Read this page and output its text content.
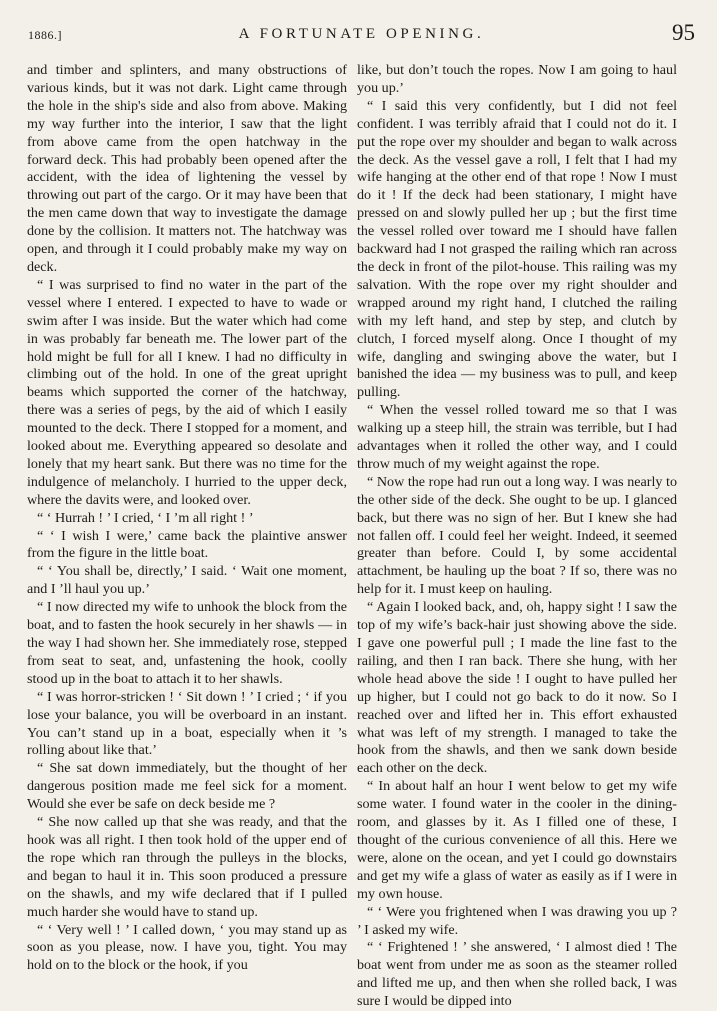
1886.]	A FORTUNATE OPENING.	95

and timber and splinters, and many obstructions of various kinds, but it was not dark. Light came through the hole in the ship's side and also from above. Making my way further into the interior, I saw that the light from above came from the open hatchway in the forward deck. This had probably been opened after the accident, with the idea of lightening the vessel by throwing out part of the cargo. Or it may have been that the men came down that way to investigate the damage done by the collision. It matters not. The hatchway was open, and through it I could probably make my way on deck.

“ I was surprised to find no water in the part of the vessel where I entered. I expected to have to wade or swim after I was inside. But the water which had come in was probably far beneath me. The lower part of the hold might be full for all I knew. I had no difficulty in climbing out of the hold. In one of the great upright beams which supported the corner of the hatchway, there was a series of pegs, by the aid of which I easily mounted to the deck. There I stopped for a moment, and looked about me. Everything appeared so desolate and lonely that my heart sank. But there was no time for the indulgence of melancholy. I hurried to the upper deck, where the davits were, and looked over.

“ ‘ Hurrah ! ’ I cried, ‘ I ’m all right ! ’

“ ‘ I wish I were,’ came back the plaintive answer from the figure in the little boat.

“ ‘ You shall be, directly,’ I said. ‘ Wait one moment, and I ’ll haul you up.’

“ I now directed my wife to unhook the block from the boat, and to fasten the hook securely in her shawls — in the way I had shown her. She immediately rose, stepped from seat to seat, and, unfastening the hook, coolly stood up in the boat to attach it to her shawls.

“ I was horror-stricken ! ‘ Sit down ! ’ I cried ; ‘ if you lose your balance, you will be overboard in an instant. You can’t stand up in a boat, especially when it ’s rolling about like that.’

“ She sat down immediately, but the thought of her dangerous position made me feel sick for a moment. Would she ever be safe on deck beside me ?

“ She now called up that she was ready, and that the hook was all right. I then took hold of the upper end of the rope which ran through the pulleys in the blocks, and began to haul it in. This soon produced a pressure on the shawls, and my wife declared that if I pulled much harder she would have to stand up.

“ ‘ Very well ! ’ I called down, ‘ you may stand up as soon as you please, now. I have you, tight. You may hold on to the block or the hook, if you

like, but don’t touch the ropes. Now I am going to haul you up.’

“ I said this very confidently, but I did not feel confident. I was terribly afraid that I could not do it. I put the rope over my shoulder and began to walk across the deck. As the vessel gave a roll, I felt that I had my wife hanging at the other end of that rope ! Now I must do it ! If the deck had been stationary, I might have pressed on and slowly pulled her up ; but the first time the vessel rolled over toward me I should have fallen backward had I not grasped the railing which ran across the deck in front of the pilot-house. This railing was my salvation. With the rope over my right shoulder and wrapped around my right hand, I clutched the railing with my left hand, and step by step, and clutch by clutch, I forced myself along. Once I thought of my wife, dangling and swinging above the water, but I banished the idea — my business was to pull, and keep pulling.

“ When the vessel rolled toward me so that I was walking up a steep hill, the strain was terrible, but I had advantages when it rolled the other way, and I could throw much of my weight against the rope.

“ Now the rope had run out a long way. I was nearly to the other side of the deck. She ought to be up. I glanced back, but there was no sign of her. But I knew she had not fallen off. I could feel her weight. Indeed, it seemed greater than before. Could I, by some accidental attachment, be hauling up the boat ? If so, there was no help for it. I must keep on hauling.

“ Again I looked back, and, oh, happy sight ! I saw the top of my wife’s back-hair just showing above the side. I gave one powerful pull ; I made the line fast to the railing, and then I ran back. There she hung, with her whole head above the side ! I ought to have pulled her up higher, but I could not go back to do it now. So I reached over and lifted her in. This effort exhausted what was left of my strength. I managed to take the hook from the shawls, and then we sank down beside each other on the deck.

“ In about half an hour I went below to get my wife some water. I found water in the cooler in the dining-room, and glasses by it. As I filled one of these, I thought of the curious convenience of all this. Here we were, alone on the ocean, and yet I could go downstairs and get my wife a glass of water as easily as if I were in my own house.

“ ‘ Were you frightened when I was drawing you up ? ’ I asked my wife.

“ ‘ Frightened ! ’ she answered, ‘ I almost died ! The boat went from under me as soon as the steamer rolled and lifted me up, and then when she rolled back, I was sure I would be dipped into
